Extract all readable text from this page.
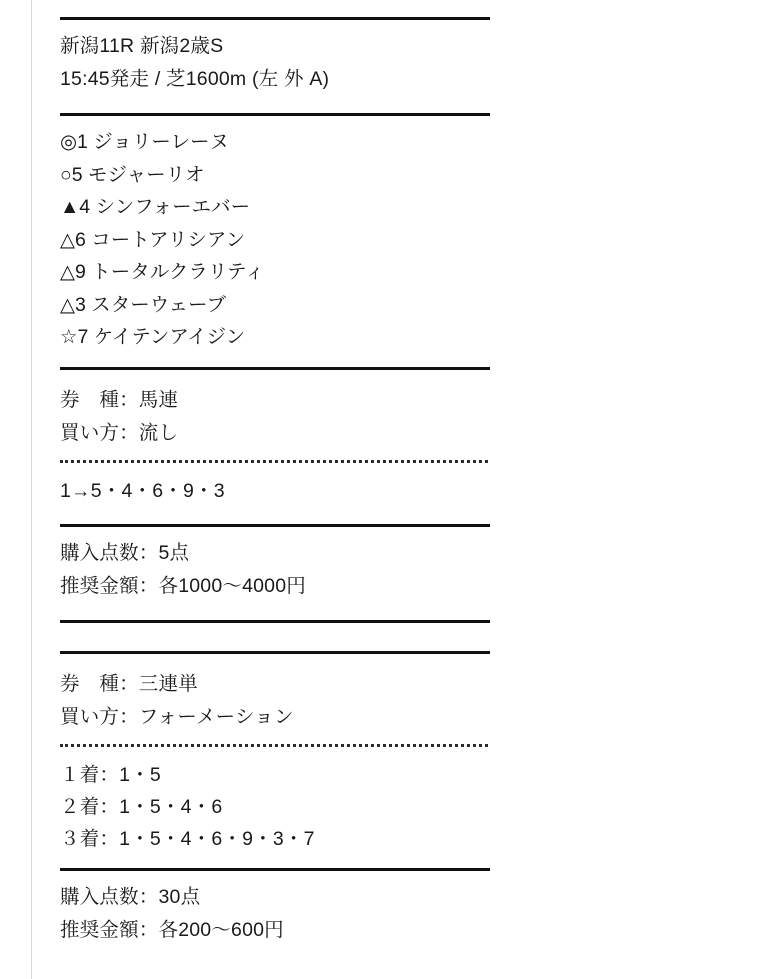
新潟11R 新潟2歳S
15:45発走 / 芝1600m (左 外 A)
◎1 ジョリーレーヌ
○5 モジャーリオ
▲4 シンフォーエバー
△6 コートアリシアン
△9 トータルクラリティ
△3 スターウェーブ
☆7 ケイテンアイジン
券　種：馬連
買い方：流し
1→5・4・6・9・3
購入点数：5点
推奨金額：各1000〜4000円
券　種：三連単
買い方：フォーメーション
１着：1・5
２着：1・5・4・6
３着：1・5・4・6・9・3・7
購入点数：30点
推奨金額：各200〜600円
